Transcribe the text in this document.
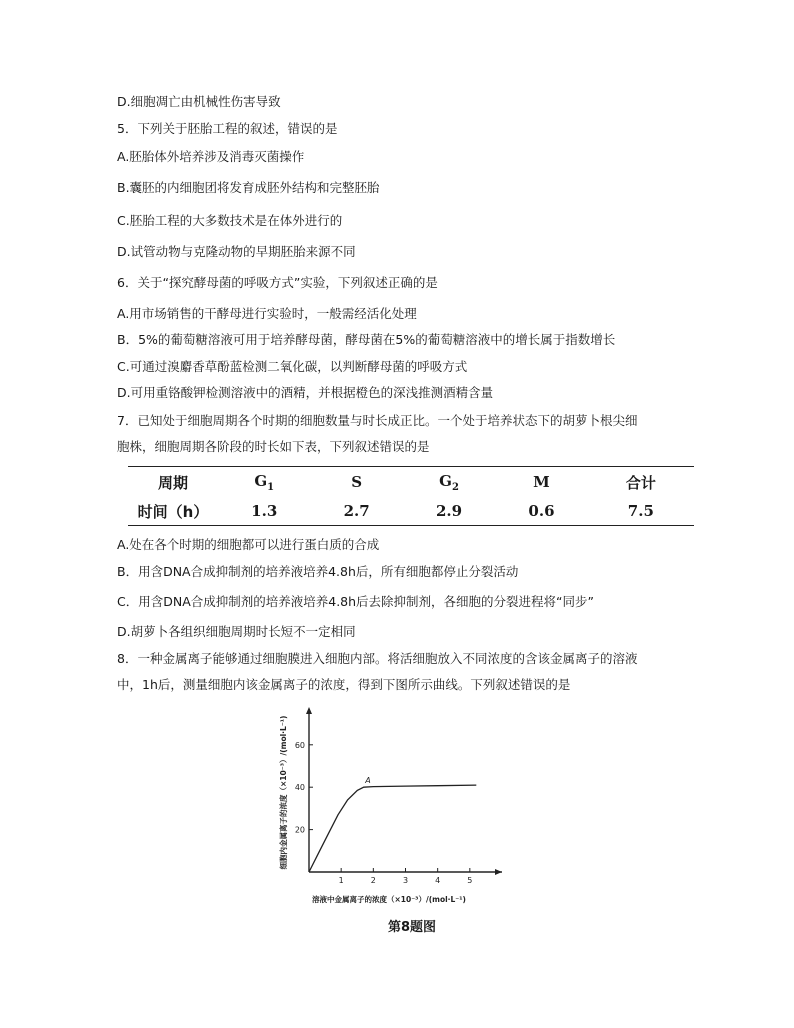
D.细胞凋亡由机械性伤害导致
5．下列关于胚胎工程的叙述，错误的是
A.胚胎体外培养涉及消毒灭菌操作
B.囊胚的内细胞团将发育成胚外结构和完整胚胎
C.胚胎工程的大多数技术是在体外进行的
D.试管动物与克隆动物的早期胚胎来源不同
6．关于“探究酵母菌的呼吸方式”实验，下列叙述正确的是
A.用市场销售的干酵母进行实验时，一般需经活化处理
B．5%的葡萄糖溶液可用于培养酵母菌，酵母菌在5%的葡萄糖溶液中的增长属于指数增长
C.可通过溴麝香草酚蓝检测二氧化碳，以判断酵母菌的呼吸方式
D.可用重铬酸钾检测溶液中的酒精，并根据橙色的深浅推测酒精含量
7．已知处于细胞周期各个时期的细胞数量与时长成正比。一个处于培养状态下的胡萝卜根尖细
胞株，细胞周期各阶段的时长如下表，下列叙述错误的是
周期	$G_1$	S	$G_2$	M	合计
时间（h）	1.3	2.7	2.9	0.6	7.5
A.处在各个时期的细胞都可以进行蛋白质的合成
B．用含DNA合成抑制剂的培养液培养4.8h后，所有细胞都停止分裂活动
C．用含DNA合成抑制剂的培养液培养4.8h后去除抑制剂，各细胞的分裂进程将“同步”
D.胡萝卜各组织细胞周期时长短不一定相同
8．一种金属离子能够通过细胞膜进入细胞内部。将活细胞放入不同浓度的含该金属离子的溶液
中，1h后，测量细胞内该金属离子的浓度，得到下图所示曲线。下列叙述错误的是
1	2	3	4	5
20
40
60
A
溶液中金属离子的浓度（×10⁻³）/(mol·L⁻¹)
细胞内金属离子的浓度（×10⁻³）/(mol·L⁻¹)
第8题图
